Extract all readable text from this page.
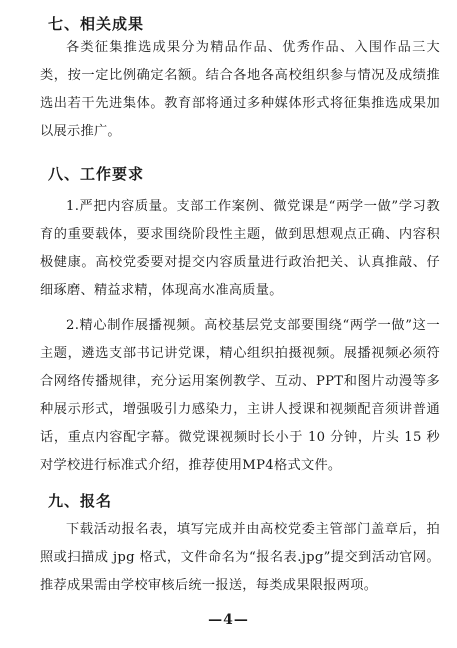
七、相关成果

各类征集推选成果分为精品作品、优秀作品、入围作品三大类，按一定比例确定名额。结合各地各高校组织参与情况及成绩推选出若干先进集体。教育部将通过多种媒体形式将征集推选成果加以展示推广。

八、工作要求

1.严把内容质量。支部工作案例、微党课是“两学一做”学习教育的重要载体，要求围绕阶段性主题，做到思想观点正确、内容积极健康。高校党委要对提交内容质量进行政治把关、认真推敲、仔细琢磨、精益求精，体现高水准高质量。

2.精心制作展播视频。高校基层党支部要围绕“两学一做”这一主题，遴选支部书记讲党课，精心组织拍摄视频。展播视频必须符合网络传播规律，充分运用案例教学、互动、PPT和图片动漫等多种展示形式，增强吸引力感染力，主讲人授课和视频配音须讲普通话，重点内容配字幕。微党课视频时长小于 10 分钟，片头 15 秒对学校进行标准式介绍，推荐使用MP4格式文件。

九、报名

下载活动报名表，填写完成并由高校党委主管部门盖章后，拍照或扫描成 jpg 格式，文件命名为“报名表.jpg”提交到活动官网。推荐成果需由学校审核后统一报送，每类成果限报两项。

—4—
